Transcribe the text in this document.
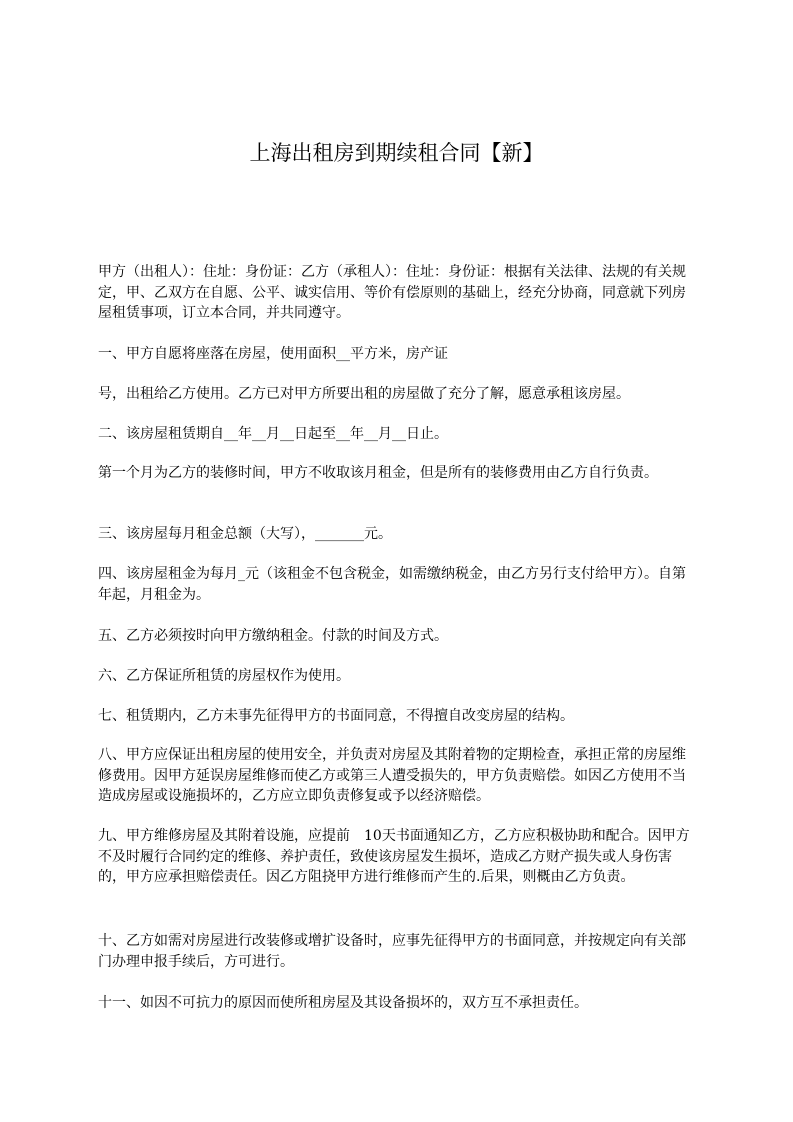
上海出租房到期续租合同【新】

甲方（出租人）：住址：身份证：乙方（承租人）：住址：身份证：根据有关法律、法规的有关规定，甲、乙双方在自愿、公平、诚实信用、等价有偿原则的基础上，经充分协商，同意就下列房屋租赁事项，订立本合同，并共同遵守。

一、甲方自愿将座落在房屋，使用面积__平方米，房产证

号，出租给乙方使用。乙方已对甲方所要出租的房屋做了充分了解，愿意承租该房屋。

二、该房屋租赁期自__年__月__日起至__年__月__日止。

第一个月为乙方的装修时间，甲方不收取该月租金，但是所有的装修费用由乙方自行负责。

三、该房屋每月租金总额（大写），_______元。

四、该房屋租金为每月_元（该租金不包含税金，如需缴纳税金，由乙方另行支付给甲方）。自第年起，月租金为。

五、乙方必须按时向甲方缴纳租金。付款的时间及方式。

六、乙方保证所租赁的房屋权作为使用。

七、租赁期内，乙方未事先征得甲方的书面同意，不得擅自改变房屋的结构。

八、甲方应保证出租房屋的使用安全，并负责对房屋及其附着物的定期检查，承担正常的房屋维修费用。因甲方延误房屋维修而使乙方或第三人遭受损失的，甲方负责赔偿。如因乙方使用不当造成房屋或设施损坏的，乙方应立即负责修复或予以经济赔偿。

九、甲方维修房屋及其附着设施，应提前　10天书面通知乙方，乙方应积极协助和配合。因甲方不及时履行合同约定的维修、养护责任，致使该房屋发生损坏，造成乙方财产损失或人身伤害的，甲方应承担赔偿责任。因乙方阻挠甲方进行维修而产生的.后果，则概由乙方负责。

十、乙方如需对房屋进行改装修或增扩设备时，应事先征得甲方的书面同意，并按规定向有关部门办理申报手续后，方可进行。

十一、如因不可抗力的原因而使所租房屋及其设备损坏的，双方互不承担责任。
